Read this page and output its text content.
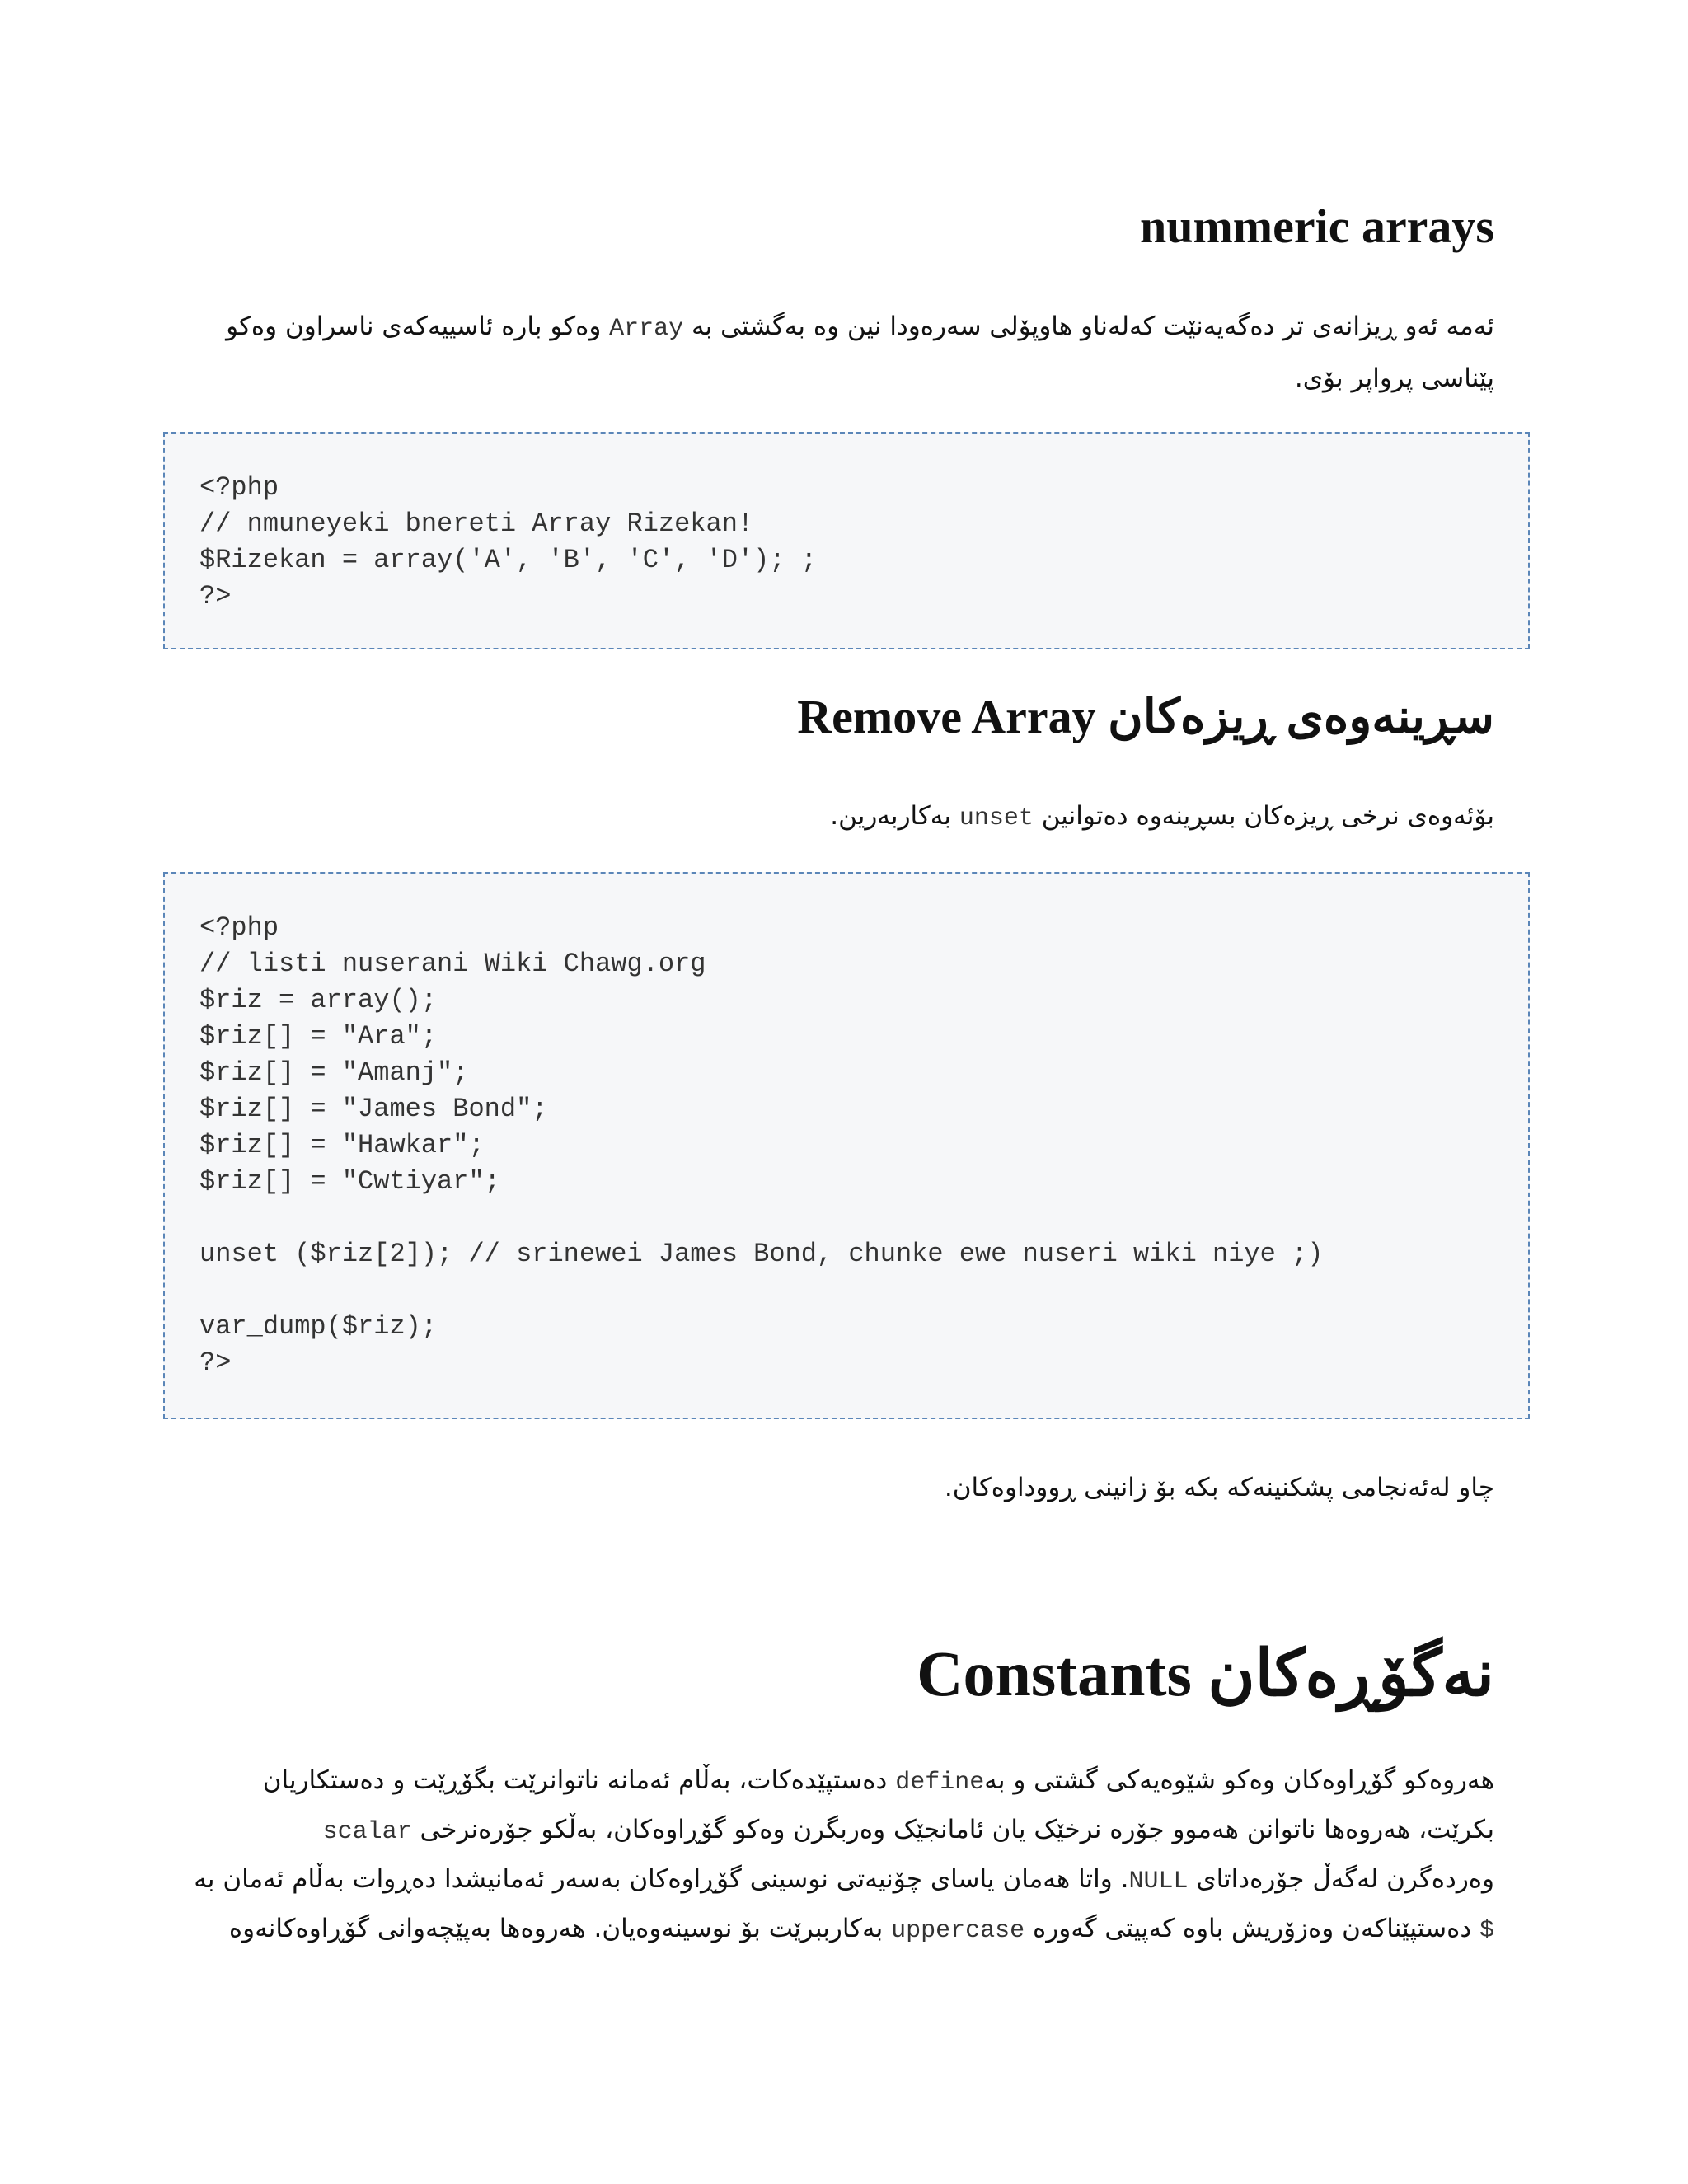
nummeric arrays

ئەمە ئەو ڕیزانەی تر دەگەیەنێت کەلەناو هاوپۆلی سەرەودا نین وە بەگشتی بە Array وەکو بارە ئاسییەکەی ناسراون وەکو پێناسی پرواپر بۆی.

<?php
// nmuneyeki bnereti Array Rizekan!
$Rizekan = array('A', 'B', 'C', 'D'); ;
?>
سڕینەوەی ڕیزەکان Remove Array

بۆئەوەی نرخی ڕیزەکان بسڕینەوە دەتوانین unset بەکاربەرین.

<?php
// listi nuserani Wiki Chawg.org
$riz = array();
$riz[] = "Ara";
$riz[] = "Amanj";
$riz[] = "James Bond";
$riz[] = "Hawkar";
$riz[] = "Cwtiyar";

unset ($riz[2]); // srinewei James Bond, chunke ewe nuseri wiki niye ;)

var_dump($riz);
?>

چاو لەئەنجامی پشکنینەکە بکە بۆ زانینی ڕووداوەکان.

نەگۆڕەکان Constants

هەروەکو گۆڕاوەکان وەکو شێوەیەکی گشتی و بەdefine دەستپێدەکات، بەڵام ئەمانە ناتوانرێت بگۆڕێت و دەستکاریان

بکرێت، هەروەها ناتوانن هەموو جۆرە نرخێک یان ئامانجێک وەربگرن وەکو گۆڕاوەکان، بەڵکو جۆرەنرخی scalar

وەردەگرن لەگەڵ جۆرەداتای NULL. واتا هەمان یاسای چۆنیەتی نوسینی گۆڕاوەکان بەسەر ئەمانیشدا دەڕوات بەڵام ئەمان بە

$ دەستپێناکەن وەزۆریش باوە کەپیتی گەورە uppercase بەکارببرێت بۆ نوسینەوەیان. هەروەها بەپێچەوانی گۆڕاوەکانەوە
